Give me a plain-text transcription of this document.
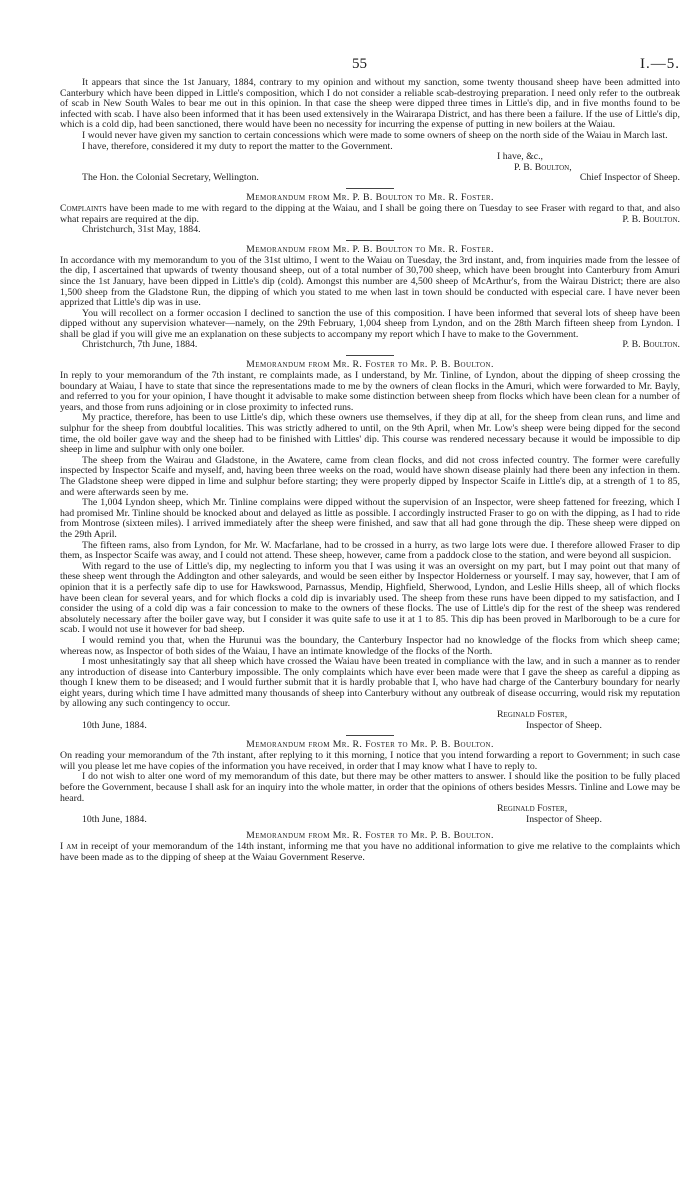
55	I.—5.

It appears that since the 1st January, 1884, contrary to my opinion and without my sanction, some twenty thousand sheep have been admitted into Canterbury which have been dipped in Little's composition, which I do not consider a reliable scab-destroying preparation. I need only refer to the outbreak of scab in New South Wales to bear me out in this opinion. In that case the sheep were dipped three times in Little's dip, and in five months found to be infected with scab. I have also been informed that it has been used extensively in the Wairarapa District, and has there been a failure. If the use of Little's dip, which is a cold dip, had been sanctioned, there would have been no necessity for incurring the expense of putting in new boilers at the Waiau.

I would never have given my sanction to certain concessions which were made to some owners of sheep on the north side of the Waiau in March last.

I have, therefore, considered it my duty to report the matter to the Government.

I have, &c.,
P. B. Boulton,
The Hon. the Colonial Secretary, Wellington.	Chief Inspector of Sheep.
Memorandum from Mr. P. B. Boulton to Mr. R. Foster.

Complaints have been made to me with regard to the dipping at the Waiau, and I shall be going there on Tuesday to see Fraser with regard to that, and also what repairs are required at the dip.

Christchurch, 31st May, 1884.
P. B. Boulton.
Memorandum from Mr. P. B. Boulton to Mr. R. Foster.

In accordance with my memorandum to you of the 31st ultimo, I went to the Waiau on Tuesday, the 3rd instant, and, from inquiries made from the lessee of the dip, I ascertained that upwards of twenty thousand sheep, out of a total number of 30,700 sheep, which have been brought into Canterbury from Amuri since the 1st January, have been dipped in Little's dip (cold). Amongst this number are 4,500 sheep of McArthur's, from the Wairau District; there are also 1,500 sheep from the Gladstone Run, the dipping of which you stated to me when last in town should be conducted with especial care. I have never been apprized that Little's dip was in use.

You will recollect on a former occasion I declined to sanction the use of this composition. I have been informed that several lots of sheep have been dipped without any supervision whatever—namely, on the 29th February, 1,004 sheep from Lyndon, and on the 28th March fifteen sheep from Lyndon. I shall be glad if you will give me an explanation on these subjects to accompany my report which I have to make to the Government.

Christchurch, 7th June, 1884.	P. B. Boulton.
Memorandum from Mr. R. Foster to Mr. P. B. Boulton.

In reply to your memorandum of the 7th instant, re complaints made, as I understand, by Mr. Tinline, of Lyndon, about the dipping of sheep crossing the boundary at Waiau, I have to state that since the representations made to me by the owners of clean flocks in the Amuri, which were forwarded to Mr. Bayly, and referred to you for your opinion, I have thought it advisable to make some distinction between sheep from flocks which have been clean for a number of years, and those from runs adjoining or in close proximity to infected runs.

My practice, therefore, has been to use Little's dip, which these owners use themselves, if they dip at all, for the sheep from clean runs, and lime and sulphur for the sheep from doubtful localities. This was strictly adhered to until, on the 9th April, when Mr. Low's sheep were being dipped for the second time, the old boiler gave way and the sheep had to be finished with Littles' dip. This course was rendered necessary because it would be impossible to dip sheep in lime and sulphur with only one boiler.

The sheep from the Wairau and Gladstone, in the Awatere, came from clean flocks, and did not cross infected country. The former were carefully inspected by Inspector Scaife and myself, and, having been three weeks on the road, would have shown disease plainly had there been any infection in them. The Gladstone sheep were dipped in lime and sulphur before starting; they were properly dipped by Inspector Scaife in Little's dip, at a strength of 1 to 85, and were afterwards seen by me.

The 1,004 Lyndon sheep, which Mr. Tinline complains were dipped without the supervision of an Inspector, were sheep fattened for freezing, which I had promised Mr. Tinline should be knocked about and delayed as little as possible. I accordingly instructed Fraser to go on with the dipping, as I had to ride from Montrose (sixteen miles). I arrived immediately after the sheep were finished, and saw that all had gone through the dip. These sheep were dipped on the 29th April.

The fifteen rams, also from Lyndon, for Mr. W. Macfarlane, had to be crossed in a hurry, as two large lots were due. I therefore allowed Fraser to dip them, as Inspector Scaife was away, and I could not attend. These sheep, however, came from a paddock close to the station, and were beyond all suspicion.

With regard to the use of Little's dip, my neglecting to inform you that I was using it was an oversight on my part, but I may point out that many of these sheep went through the Addington and other saleyards, and would be seen either by Inspector Holderness or yourself. I may say, however, that I am of opinion that it is a perfectly safe dip to use for Hawkswood, Parnassus, Mendip, Highfield, Sherwood, Lyndon, and Leslie Hills sheep, all of which flocks have been clean for several years, and for which flocks a cold dip is invariably used. The sheep from these runs have been dipped to my satisfaction, and I consider the using of a cold dip was a fair concession to make to the owners of these flocks. The use of Little's dip for the rest of the sheep was rendered absolutely necessary after the boiler gave way, but I consider it was quite safe to use it at 1 to 85. This dip has been proved in Marlborough to be a cure for scab. I would not use it however for bad sheep.

I would remind you that, when the Hurunui was the boundary, the Canterbury Inspector had no knowledge of the flocks from which sheep came; whereas now, as Inspector of both sides of the Waiau, I have an intimate knowledge of the flocks of the North.

I most unhesitatingly say that all sheep which have crossed the Waiau have been treated in compliance with the law, and in such a manner as to render any introduction of disease into Canterbury impossible. The only complaints which have ever been made were that I gave the sheep as careful a dipping as though I knew them to be diseased; and I would further submit that it is hardly probable that I, who have had charge of the Canterbury boundary for nearly eight years, during which time I have admitted many thousands of sheep into Canterbury without any outbreak of disease occurring, would risk my reputation by allowing any such contingency to occur.

Reginald Foster,
10th June, 1884.	Inspector of Sheep.
Memorandum from Mr. R. Foster to Mr. P. B. Boulton.

On reading your memorandum of the 7th instant, after replying to it this morning, I notice that you intend forwarding a report to Government; in such case will you please let me have copies of the information you have received, in order that I may know what I have to reply to.

I do not wish to alter one word of my memorandum of this date, but there may be other matters to answer. I should like the position to be fully placed before the Government, because I shall ask for an inquiry into the whole matter, in order that the opinions of others besides Messrs. Tinline and Lowe may be heard.

Reginald Foster,
10th June, 1884.	Inspector of Sheep.
Memorandum from Mr. R. Foster to Mr. P. B. Boulton.

I am in receipt of your memorandum of the 14th instant, informing me that you have no additional information to give me relative to the complaints which have been made as to the dipping of sheep at the Waiau Government Reserve.
